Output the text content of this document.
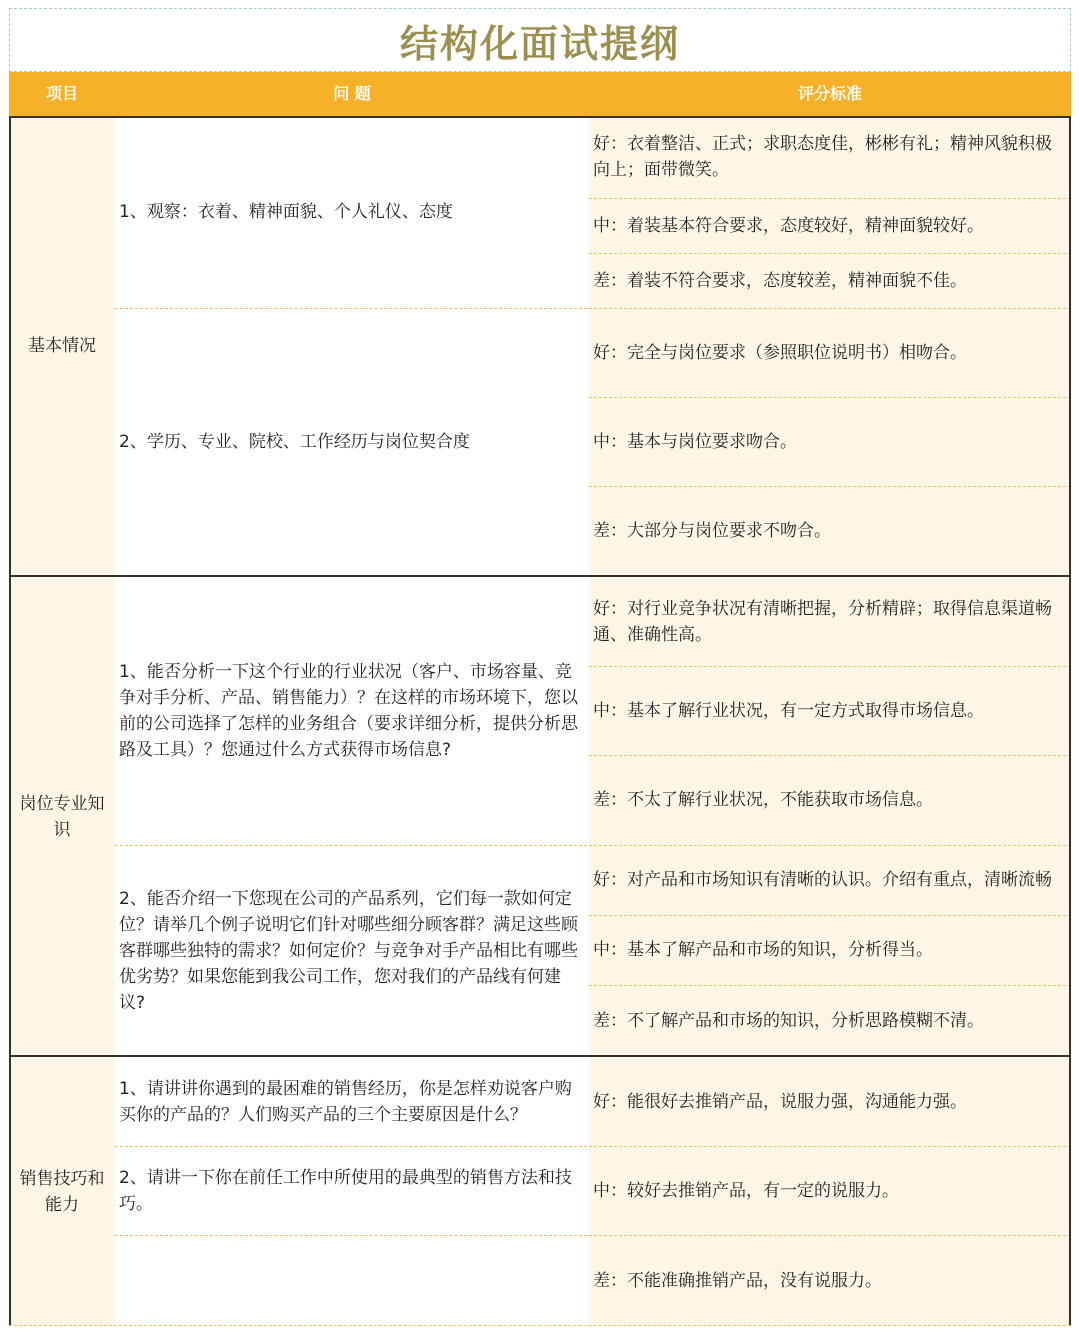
结构化面试提纲
项目	问 题	评分标准
基本情况
1、观察：衣着、精神面貌、个人礼仪、态度
好：衣着整洁、正式；求职态度佳，彬彬有礼；精神风貌积极向上；面带微笑。
中：着装基本符合要求，态度较好，精神面貌较好。
差：着装不符合要求，态度较差，精神面貌不佳。
2、学历、专业、院校、工作经历与岗位契合度
好：完全与岗位要求（参照职位说明书）相吻合。
中：基本与岗位要求吻合。
差：大部分与岗位要求不吻合。
岗位专业知识
1、能否分析一下这个行业的行业状况（客户、市场容量、竞争对手分析、产品、销售能力）？在这样的市场环境下，您以前的公司选择了怎样的业务组合（要求详细分析，提供分析思路及工具）？您通过什么方式获得市场信息?
好：对行业竞争状况有清晰把握，分析精辟；取得信息渠道畅通、准确性高。
中：基本了解行业状况，有一定方式取得市场信息。
差：不太了解行业状况，不能获取市场信息。
2、能否介绍一下您现在公司的产品系列，它们每一款如何定位？请举几个例子说明它们针对哪些细分顾客群？满足这些顾客群哪些独特的需求？如何定价？与竞争对手产品相比有哪些优劣势？如果您能到我公司工作，您对我们的产品线有何建议?
好：对产品和市场知识有清晰的认识。介绍有重点，清晰流畅
中：基本了解产品和市场的知识，分析得当。
差：不了解产品和市场的知识，分析思路模糊不清。
销售技巧和能力
1、请讲讲你遇到的最困难的销售经历，你是怎样劝说客户购买你的产品的？人们购买产品的三个主要原因是什么？
2、请讲一下你在前任工作中所使用的最典型的销售方法和技巧。
好：能很好去推销产品，说服力强，沟通能力强。
中：较好去推销产品，有一定的说服力。
差：不能准确推销产品，没有说服力。
